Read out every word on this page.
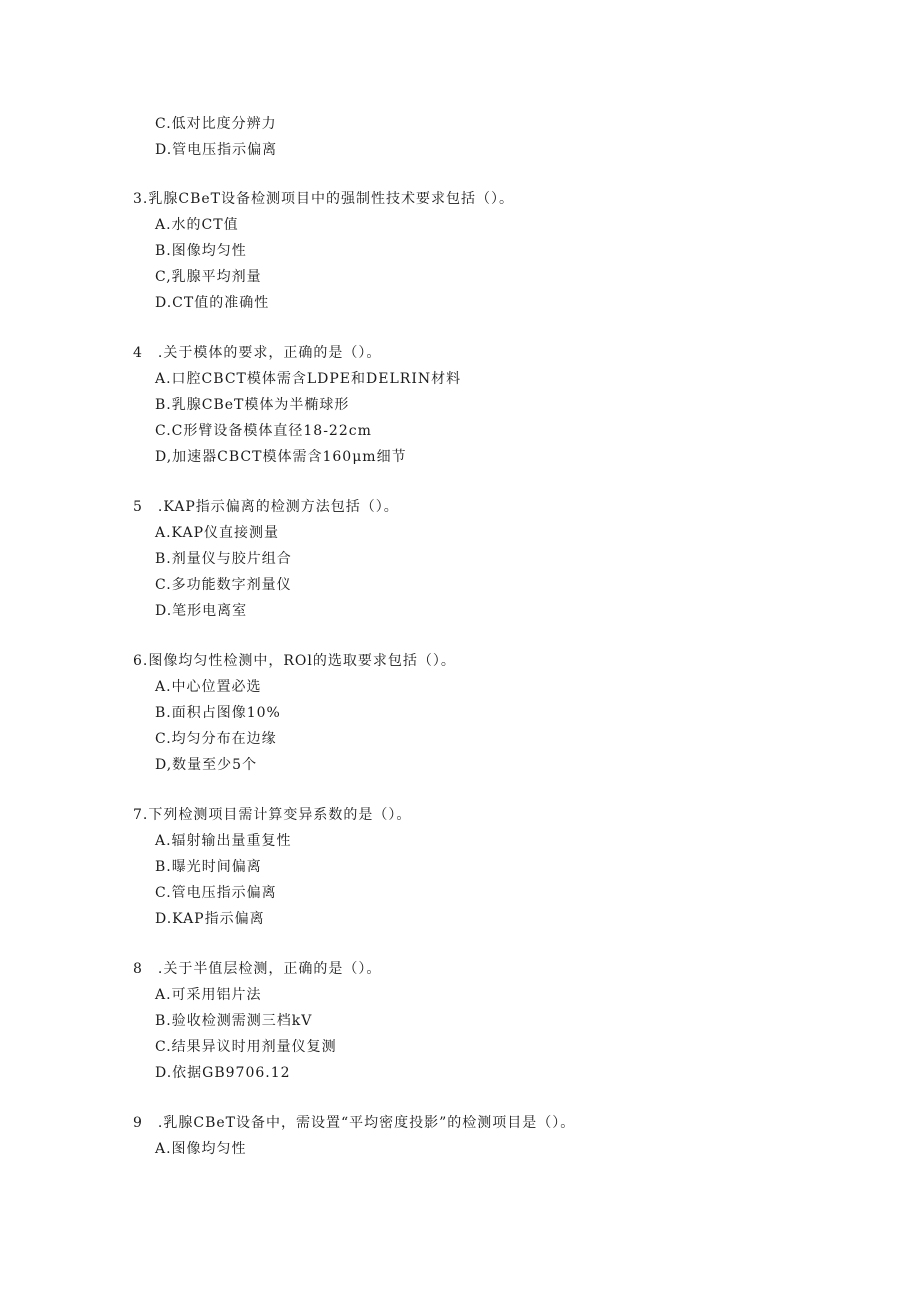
C.低对比度分辨力
D.管电压指示偏离
3.乳腺CBeT设备检测项目中的强制性技术要求包括（）。
A.水的CT值
B.图像均匀性
C,乳腺平均剂量
D.CT值的准确性
4　.关于模体的要求，正确的是（）。
A.口腔CBCT模体需含LDPE和DELRIN材料
B.乳腺CBeT模体为半椭球形
C.C形臂设备模体直径18-22cm
D,加速器CBCT模体需含160μm细节
5　.KAP指示偏离的检测方法包括（）。
A.KAP仪直接测量
B.剂量仪与胶片组合
C.多功能数字剂量仪
D.笔形电离室
6.图像均匀性检测中，ROl的选取要求包括（）。
A.中心位置必选
B.面积占图像10%
C.均匀分布在边缘
D,数量至少5个
7.下列检测项目需计算变异系数的是（）。
A.辐射输出量重复性
B.曝光时间偏离
C.管电压指示偏离
D.KAP指示偏离
8　.关于半值层检测，正确的是（）。
A.可采用铝片法
B.验收检测需测三档kV
C.结果异议时用剂量仪复测
D.依据GB9706.12
9　.乳腺CBeT设备中，需设置“平均密度投影”的检测项目是（）。
A.图像均匀性
